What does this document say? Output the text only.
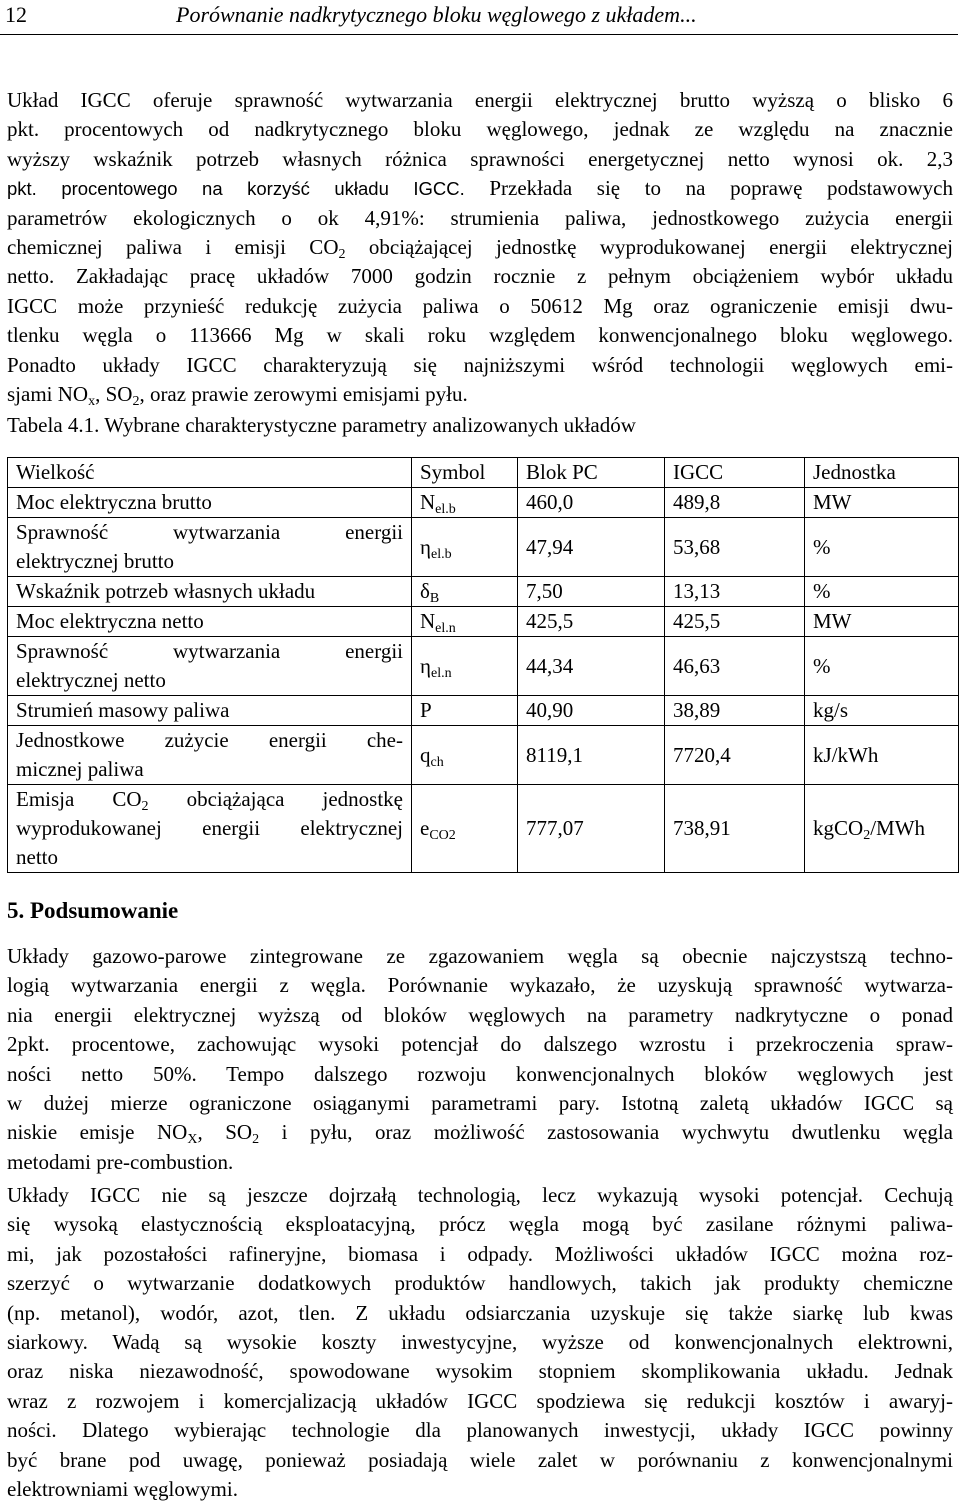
12	Porównanie nadkrytycznego bloku węglowego z układem...
Układ IGCC oferuje sprawność wytwarzania energii elektrycznej brutto wyższą o blisko 6
pkt. procentowych od nadkrytycznego bloku węglowego, jednak ze względu na znacznie
wyższy wskaźnik potrzeb własnych różnica sprawności energetycznej netto wynosi ok. 2,3
pkt. procentowego na korzyść układu IGCC. Przekłada się to na poprawę podstawowych
parametrów ekologicznych o ok 4,91%: strumienia paliwa, jednostkowego zużycia energii
chemicznej paliwa i emisji $CO_2$ obciążającej jednostkę wyprodukowanej energii elektrycznej
netto. Zakładając pracę układów 7000 godzin rocznie z pełnym obciążeniem wybór układu
IGCC może przynieść redukcję zużycia paliwa o 50612 Mg oraz ograniczenie emisji dwu-
tlenku węgla o 113666 Mg w skali roku względem konwencjonalnego bloku węglowego.
Ponadto układy IGCC charakteryzują się najniższymi wśród technologii węglowych emi-
sjami $NO_x$, $SO_2$, oraz prawie zerowymi emisjami pyłu.
Tabela 4.1. Wybrane charakterystyczne parametry analizowanych układów
Wielkość	Symbol	Blok PC	IGCC	Jednostka
Moc elektryczna brutto	$N_{el.b}$	460,0	489,8	MW

Sprawność wytwarzania energii
elektrycznej brutto	$\eta_{el.b}$	47,94	53,68	%
Wskaźnik potrzeb własnych układu	$\delta_B$	7,50	13,13	%
Moc elektryczna netto	$N_{el.n}$	425,5	425,5	MW

Sprawność wytwarzania energii
elektrycznej netto	$\eta_{el.n}$	44,34	46,63	%
Strumień masowy paliwa	P	40,90	38,89	kg/s

Jednostkowe zużycie energii che-
micznej paliwa	$q_{ch}$	8119,1	7720,4	kJ/kWh

Emisja $CO_2$ obciążająca jednostkę
wyprodukowanej energii elektrycznej
netto	$e_{CO2}$	777,07	738,91	kgCO$_2$/MWh
5. Podsumowanie
Układy gazowo-parowe zintegrowane ze zgazowaniem węgla są obecnie najczystszą techno-
logią wytwarzania energii z węgla. Porównanie wykazało, że uzyskują sprawność wytwarza-
nia energii elektrycznej wyższą od bloków węglowych na parametry nadkrytyczne o ponad
2pkt. procentowe, zachowując wysoki potencjał do dalszego wzrostu i przekroczenia spraw-
ności netto 50%. Tempo dalszego rozwoju konwencjonalnych bloków węglowych jest
w dużej mierze ograniczone osiąganymi parametrami pary. Istotną zaletą układów IGCC są
niskie emisje $NO_X$, $SO_2$ i pyłu, oraz możliwość zastosowania wychwytu dwutlenku węgla
metodami pre-combustion.
Układy IGCC nie są jeszcze dojrzałą technologią, lecz wykazują wysoki potencjał. Cechują
się wysoką elastycznością eksploatacyjną, prócz węgla mogą być zasilane różnymi paliwa-
mi, jak pozostałości rafineryjne, biomasa i odpady. Możliwości układów IGCC można roz-
szerzyć o wytwarzanie dodatkowych produktów handlowych, takich jak produkty chemiczne
(np. metanol), wodór, azot, tlen. Z układu odsiarczania uzyskuje się także siarkę lub kwas
siarkowy. Wadą są wysokie koszty inwestycyjne, wyższe od konwencjonalnych elektrowni,
oraz niska niezawodność, spowodowane wysokim stopniem skomplikowania układu. Jednak
wraz z rozwojem i komercjalizacją układów IGCC spodziewa się redukcji kosztów i awaryj-
ności. Dlatego wybierając technologie dla planowanych inwestycji, układy IGCC powinny
być brane pod uwagę, ponieważ posiadają wiele zalet w porównaniu z konwencjonalnymi
elektrowniami węglowymi.
